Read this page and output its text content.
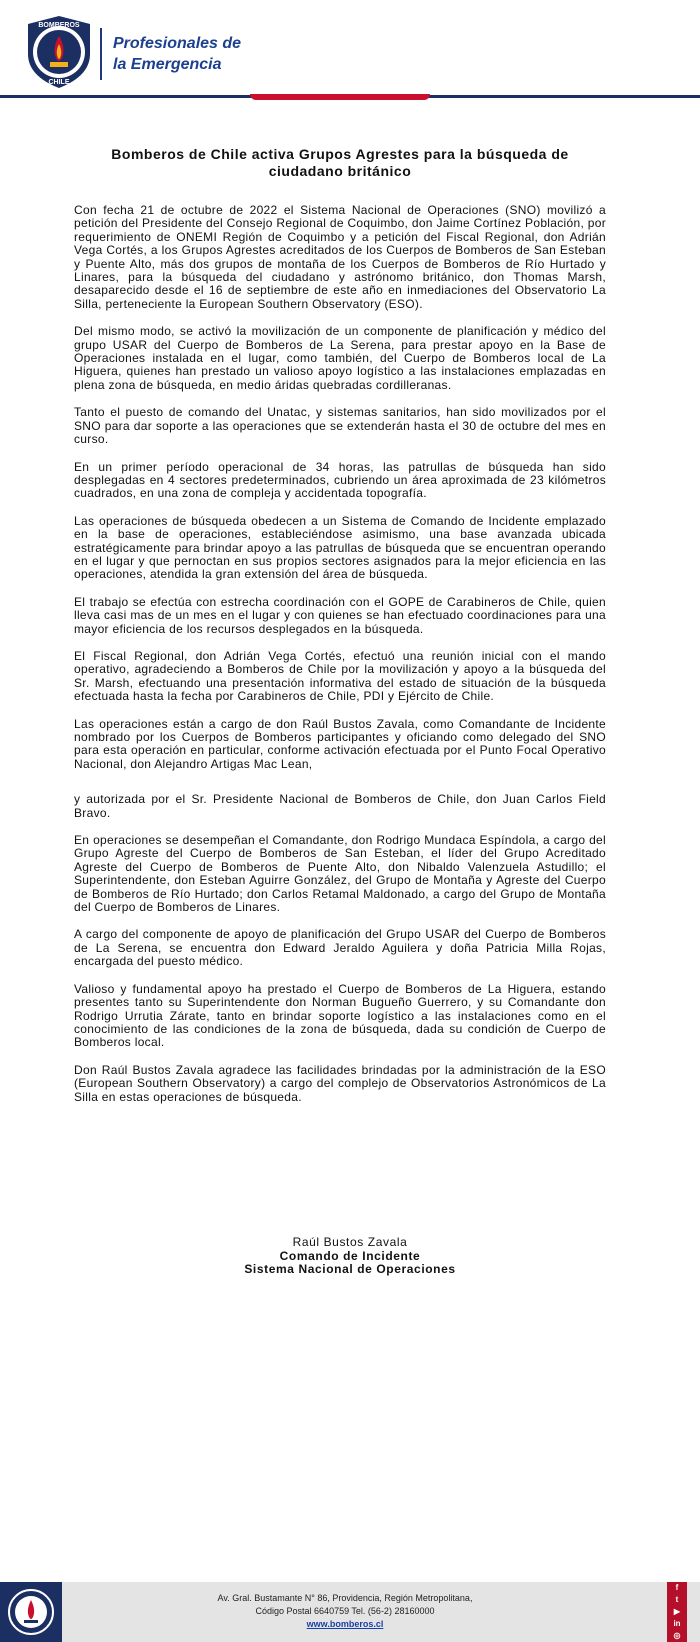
BOMBEROS
CHILE
Profesionales de
la Emergencia
Bomberos de Chile activa Grupos Agrestes para la búsqueda de ciudadano británico

Con fecha 21 de octubre de 2022 el Sistema Nacional de Operaciones (SNO) movilizó a petición del Presidente del Consejo Regional de Coquimbo, don Jaime Cortínez Población, por requerimiento de ONEMI Región de Coquimbo y a petición del Fiscal Regional, don Adrián Vega Cortés, a los Grupos Agrestes acreditados de los Cuerpos de Bomberos de San Esteban y Puente Alto, más dos grupos de montaña de los Cuerpos de Bomberos de Río Hurtado y Linares, para la búsqueda del ciudadano y astrónomo británico, don Thomas Marsh, desaparecido desde el 16 de septiembre de este año en inmediaciones del Observatorio La Silla, perteneciente la European Southern Observatory (ESO).

Del mismo modo, se activó la movilización de un componente de planificación y médico del grupo USAR del Cuerpo de Bomberos de La Serena, para prestar apoyo en la Base de Operaciones instalada en el lugar, como también, del Cuerpo de Bomberos local de La Higuera, quienes han prestado un valioso apoyo logístico a las instalaciones emplazadas en plena zona de búsqueda, en medio áridas quebradas cordilleranas.

Tanto el puesto de comando del Unatac, y sistemas sanitarios, han sido movilizados por el SNO para dar soporte a las operaciones que se extenderán hasta el 30 de octubre del mes en curso.

En un primer período operacional de 34 horas, las patrullas de búsqueda han sido desplegadas en 4 sectores predeterminados, cubriendo un área aproximada de 23 kilómetros cuadrados, en una zona de compleja y accidentada topografía.

Las operaciones de búsqueda obedecen a un Sistema de Comando de Incidente emplazado en la base de operaciones, estableciéndose asimismo, una base avanzada ubicada estratégicamente para brindar apoyo a las patrullas de búsqueda que se encuentran operando en el lugar y que pernoctan en sus propios sectores asignados para la mejor eficiencia en las operaciones, atendida la gran extensión del área de búsqueda.

El trabajo se efectúa con estrecha coordinación con el GOPE de Carabineros de Chile, quien lleva casi mas de un mes en el lugar y con quienes se han efectuado coordinaciones para una mayor eficiencia de los recursos desplegados en la búsqueda.

El Fiscal Regional, don Adrián Vega Cortés, efectuó una reunión inicial con el mando operativo, agradeciendo a Bomberos de Chile por la movilización y apoyo a la búsqueda del Sr. Marsh, efectuando una presentación informativa del estado de situación de la búsqueda efectuada hasta la fecha por Carabineros de Chile, PDI y Ejército de Chile.

Las operaciones están a cargo de don Raúl Bustos Zavala, como Comandante de Incidente nombrado por los Cuerpos de Bomberos participantes y oficiando como delegado del SNO para esta operación en particular, conforme activación efectuada por el Punto Focal Operativo Nacional, don Alejandro Artigas Mac Lean,

y autorizada por el Sr. Presidente Nacional de Bomberos de Chile, don Juan Carlos Field Bravo.

En operaciones se desempeñan el Comandante, don Rodrigo Mundaca Espíndola, a cargo del Grupo Agreste del Cuerpo de Bomberos de San Esteban, el líder del Grupo Acreditado Agreste del Cuerpo de Bomberos de Puente Alto, don Nibaldo Valenzuela Astudillo; el Superintendente, don Esteban Aguirre González, del Grupo de Montaña y Agreste del Cuerpo de Bomberos de Río Hurtado; don Carlos Retamal Maldonado, a cargo del Grupo de Montaña del Cuerpo de Bomberos de Linares.

A cargo del componente de apoyo de planificación del Grupo USAR del Cuerpo de Bomberos de La Serena, se encuentra don Edward Jeraldo Aguilera y doña Patricia Milla Rojas, encargada del puesto médico.

Valioso y fundamental apoyo ha prestado el Cuerpo de Bomberos de La Higuera, estando presentes tanto su Superintendente don Norman Bugueño Guerrero, y su Comandante don Rodrigo Urrutia Zárate, tanto en brindar soporte logístico a las instalaciones como en el conocimiento de las condiciones de la zona de búsqueda, dada su condición de Cuerpo de Bomberos local.

Don Raúl Bustos Zavala agradece las facilidades brindadas por la administración de la ESO (European Southern Observatory) a cargo del complejo de Observatorios Astronómicos de La Silla en estas operaciones de búsqueda.

Raúl Bustos Zavala
Comando de Incidente
Sistema Nacional de Operaciones
Av. Gral. Bustamante N° 86, Providencia, Región Metropolitana,
Código Postal 6640759 Tel. (56-2) 28160000
www.bomberos.cl
f
t
▶
in
◎
